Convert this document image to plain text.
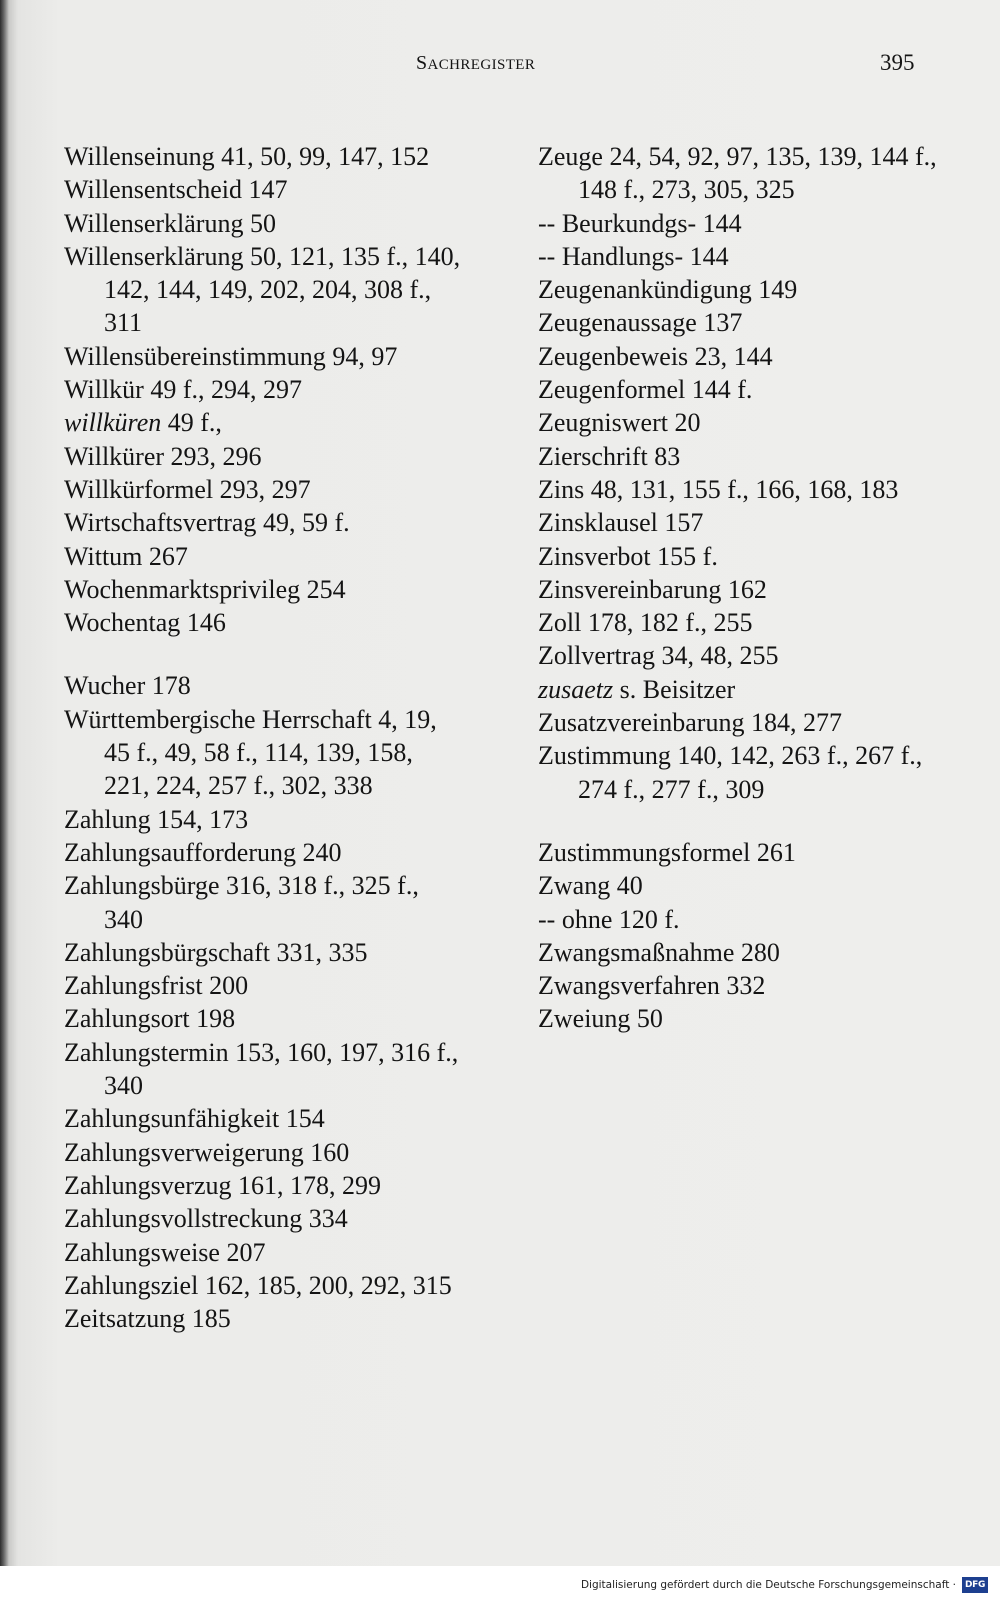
SACHREGISTER	395
Willenseinung 41, 50, 99, 147, 152
Willensentscheid 147
Willenserklärung 50
Willenserklärung 50, 121, 135 f., 140, 142, 144, 149, 202, 204, 308 f., 311
Willensübereinstimmung 94, 97
Willkür 49 f., 294, 297
willküren 49 f.,
Willkürer 293, 296
Willkürformel 293, 297
Wirtschaftsvertrag 49, 59 f.
Wittum 267
Wochenmarktsprivileg 254
Wochentag 146
Wucher 178
Württembergische Herrschaft 4, 19, 45 f., 49, 58 f., 114, 139, 158, 221, 224, 257 f., 302, 338
Zahlung 154, 173
Zahlungsaufforderung 240
Zahlungsbürge 316, 318 f., 325 f., 340
Zahlungsbürgschaft 331, 335
Zahlungsfrist 200
Zahlungsort 198
Zahlungstermin 153, 160, 197, 316 f., 340
Zahlungsunfähigkeit 154
Zahlungsverweigerung 160
Zahlungsverzug 161, 178, 299
Zahlungsvollstreckung 334
Zahlungsweise 207
Zahlungsziel 162, 185, 200, 292, 315
Zeitsatzung 185
Zeuge 24, 54, 92, 97, 135, 139, 144 f., 148 f., 273, 305, 325
-- Beurkundgs- 144
-- Handlungs- 144
Zeugenankündigung 149
Zeugenaussage 137
Zeugenbeweis 23, 144
Zeugenformel 144 f.
Zeugniswert 20
Zierschrift 83
Zins 48, 131, 155 f., 166, 168, 183
Zinsklausel 157
Zinsverbot 155 f.
Zinsvereinbarung 162
Zoll 178, 182 f., 255
Zollvertrag 34, 48, 255
zusaetz s. Beisitzer
Zusatzvereinbarung 184, 277
Zustimmung 140, 142, 263 f., 267 f., 274 f., 277 f., 309
Zustimmungsformel 261
Zwang 40
-- ohne 120 f.
Zwangsmaßnahme 280
Zwangsverfahren 332
Zweiung 50
Digitalisierung gefördert durch die Deutsche Forschungsgemeinschaft · DFG
